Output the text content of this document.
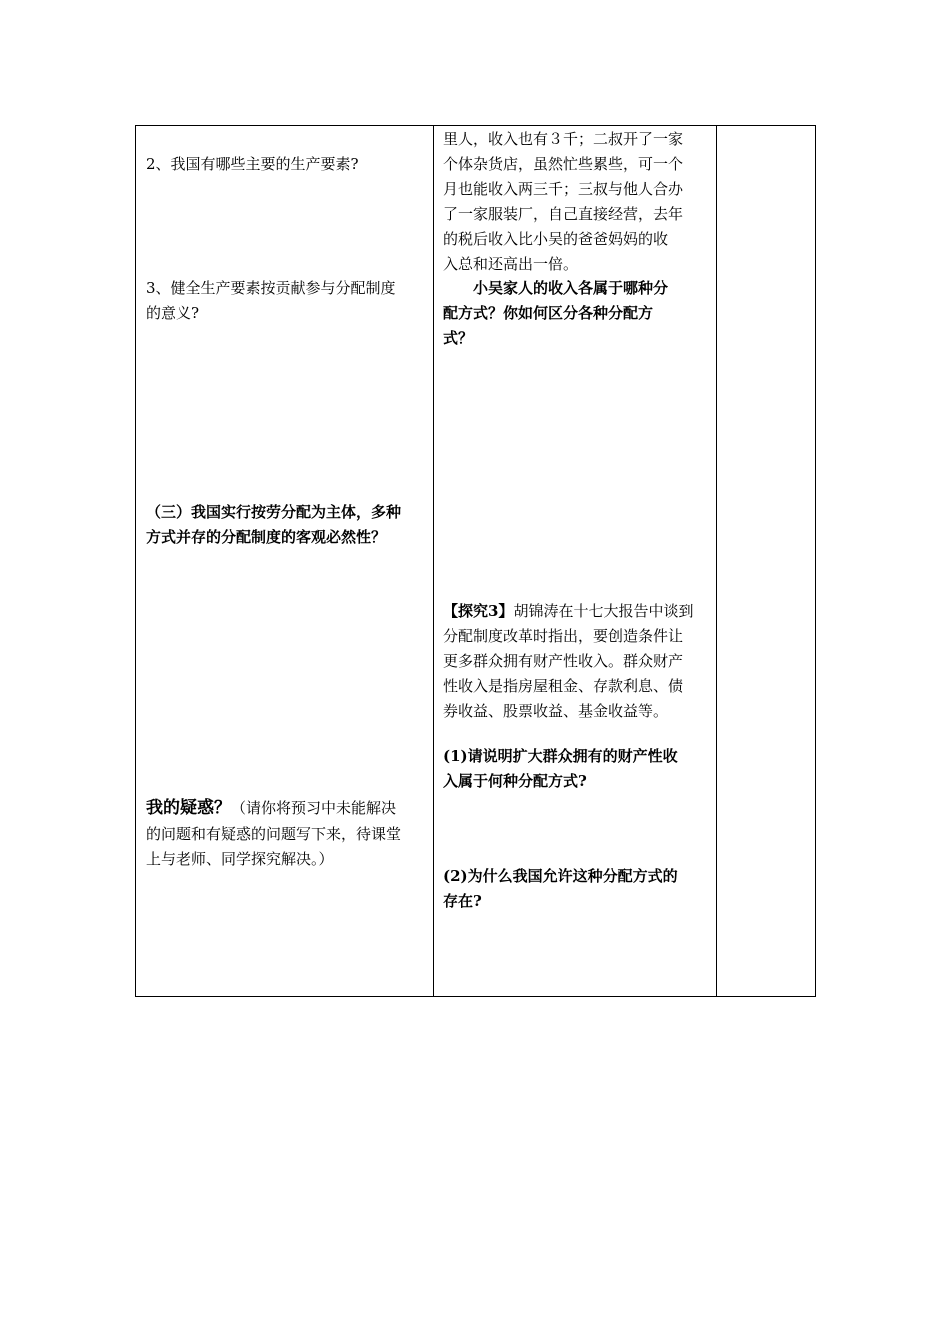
2、我国有哪些主要的生产要素?
3、健全生产要素按贡献参与分配制度
的意义?
（三）我国实行按劳分配为主体，多种
方式并存的分配制度的客观必然性？
我的疑惑？（请你将预习中未能解决
的问题和有疑惑的问题写下来，待课堂
上与老师、同学探究解决。）
里人，收入也有３千；二叔开了一家
个体杂货店，虽然忙些累些，可一个
月也能收入两三千；三叔与他人合办
了一家服装厂，自己直接经营，去年
的税后收入比小吴的爸爸妈妈的收
入总和还高出一倍。
小吴家人的收入各属于哪种分
配方式？你如何区分各种分配方
式？
【探究3】胡锦涛在十七大报告中谈到
分配制度改革时指出，要创造条件让
更多群众拥有财产性收入。群众财产
性收入是指房屋租金、存款利息、债
券收益、股票收益、基金收益等。
(1)请说明扩大群众拥有的财产性收
入属于何种分配方式?
(2)为什么我国允许这种分配方式的
存在?
